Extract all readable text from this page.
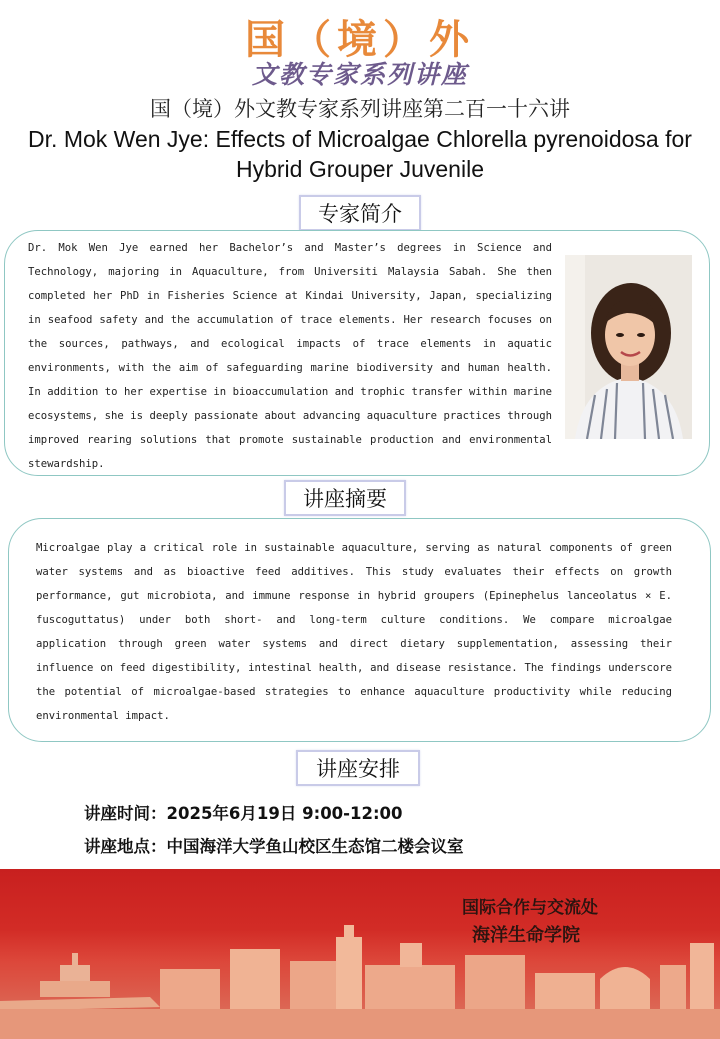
国（境）外
文教专家系列讲座
国（境）外文教专家系列讲座第二百一十六讲
Dr. Mok Wen Jye: Effects of Microalgae Chlorella pyrenoidosa for Hybrid Grouper Juvenile
专家简介
Dr. Mok Wen Jye earned her Bachelor’s and Master’s degrees in Science and Technology, majoring in Aquaculture, from Universiti Malaysia Sabah. She then completed her PhD in Fisheries Science at Kindai University, Japan, specializing in seafood safety and the accumulation of trace elements. Her research focuses on the sources, pathways, and ecological impacts of trace elements in aquatic environments, with the aim of safeguarding marine biodiversity and human health. In addition to her expertise in bioaccumulation and trophic transfer within marine ecosystems, she is deeply passionate about advancing aquaculture practices through improved rearing solutions that promote sustainable production and environmental stewardship.
讲座摘要
Microalgae play a critical role in sustainable aquaculture, serving as natural components of green water systems and as bioactive feed additives. This study evaluates their effects on growth performance, gut microbiota, and immune response in hybrid groupers (Epinephelus lanceolatus × E. fuscoguttatus) under both short- and long-term culture conditions. We compare microalgae application through green water systems and direct dietary supplementation, assessing their influence on feed digestibility, intestinal health, and disease resistance. The findings underscore the potential of microalgae-based strategies to enhance aquaculture productivity while reducing environmental impact.
讲座安排
讲座时间：2025年6月19日 9:00-12:00
讲座地点：中国海洋大学鱼山校区生态馆二楼会议室
国际合作与交流处
海洋生命学院
